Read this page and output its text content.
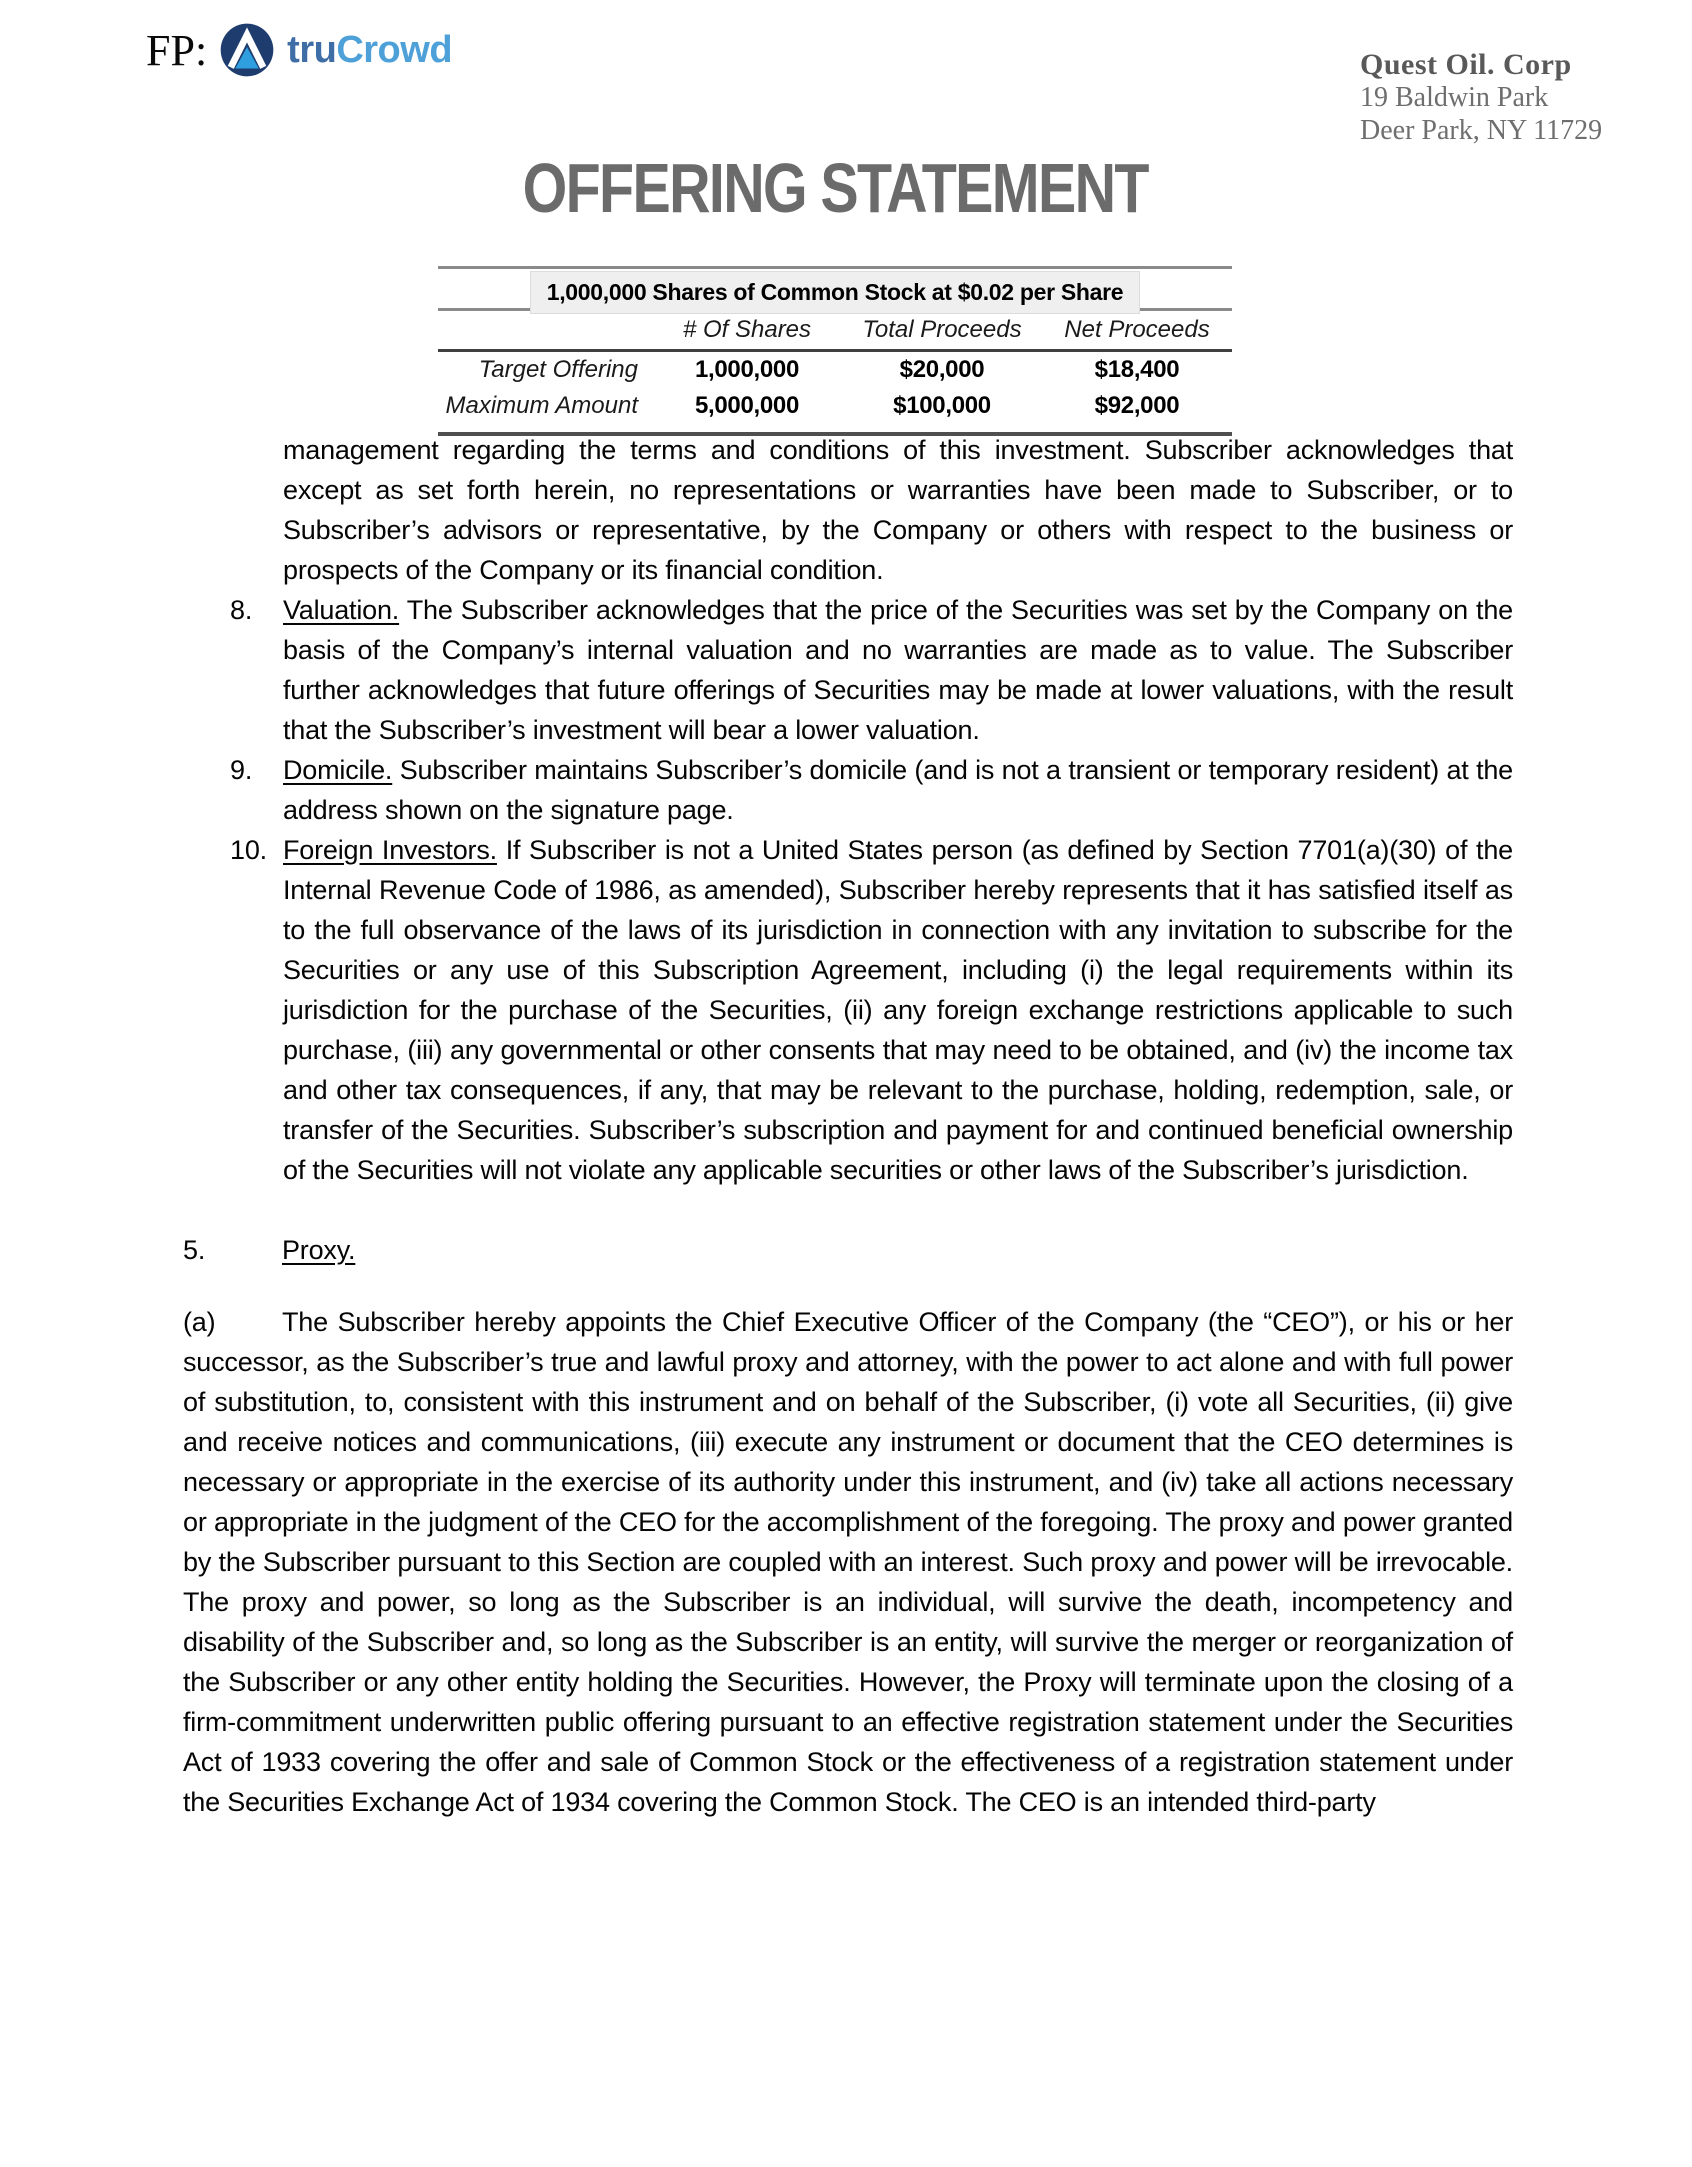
FP: tru Crowd	Quest Oil. Corp
19 Baldwin Park
Deer Park, NY 11729
OFFERING STATEMENT
1,000,000 Shares of Common Stock at $0.02 per Share
# Of Shares	Total Proceeds	Net Proceeds
Target Offering	1,000,000	$20,000	$18,400
Maximum Amount	5,000,000	$100,000	$92,000

management regarding the terms and conditions of this investment. Subscriber acknowledges that except as set forth herein, no representations or warranties have been made to Subscriber, or to Subscriber’s advisors or representative, by the Company or others with respect to the business or prospects of the Company or its financial condition.

8. Valuation. The Subscriber acknowledges that the price of the Securities was set by the Company on the basis of the Company’s internal valuation and no warranties are made as to value. The Subscriber further acknowledges that future offerings of Securities may be made at lower valuations, with the result that the Subscriber’s investment will bear a lower valuation.
9. Domicile. Subscriber maintains Subscriber’s domicile (and is not a transient or temporary resident) at the address shown on the signature page.
10. Foreign Investors. If Subscriber is not a United States person (as defined by Section 7701(a)(30) of the Internal Revenue Code of 1986, as amended), Subscriber hereby represents that it has satisfied itself as to the full observance of the laws of its jurisdiction in connection with any invitation to subscribe for the Securities or any use of this Subscription Agreement, including (i) the legal requirements within its jurisdiction for the purchase of the Securities, (ii) any foreign exchange restrictions applicable to such purchase, (iii) any governmental or other consents that may need to be obtained, and (iv) the income tax and other tax consequences, if any, that may be relevant to the purchase, holding, redemption, sale, or transfer of the Securities. Subscriber’s subscription and payment for and continued beneficial ownership of the Securities will not violate any applicable securities or other laws of the Subscriber’s jurisdiction.
5.	Proxy.

(a) The Subscriber hereby appoints the Chief Executive Officer of the Company (the “CEO”), or his or her successor, as the Subscriber’s true and lawful proxy and attorney, with the power to act alone and with full power of substitution, to, consistent with this instrument and on behalf of the Subscriber, (i) vote all Securities, (ii) give and receive notices and communications, (iii) execute any instrument or document that the CEO determines is necessary or appropriate in the exercise of its authority under this instrument, and (iv) take all actions necessary or appropriate in the judgment of the CEO for the accomplishment of the foregoing. The proxy and power granted by the Subscriber pursuant to this Section are coupled with an interest. Such proxy and power will be irrevocable. The proxy and power, so long as the Subscriber is an individual, will survive the death, incompetency and disability of the Subscriber and, so long as the Subscriber is an entity, will survive the merger or reorganization of the Subscriber or any other entity holding the Securities. However, the Proxy will terminate upon the closing of a firm-commitment underwritten public offering pursuant to an effective registration statement under the Securities Act of 1933 covering the offer and sale of Common Stock or the effectiveness of a registration statement under the Securities Exchange Act of 1934 covering the Common Stock. The CEO is an intended third-party
